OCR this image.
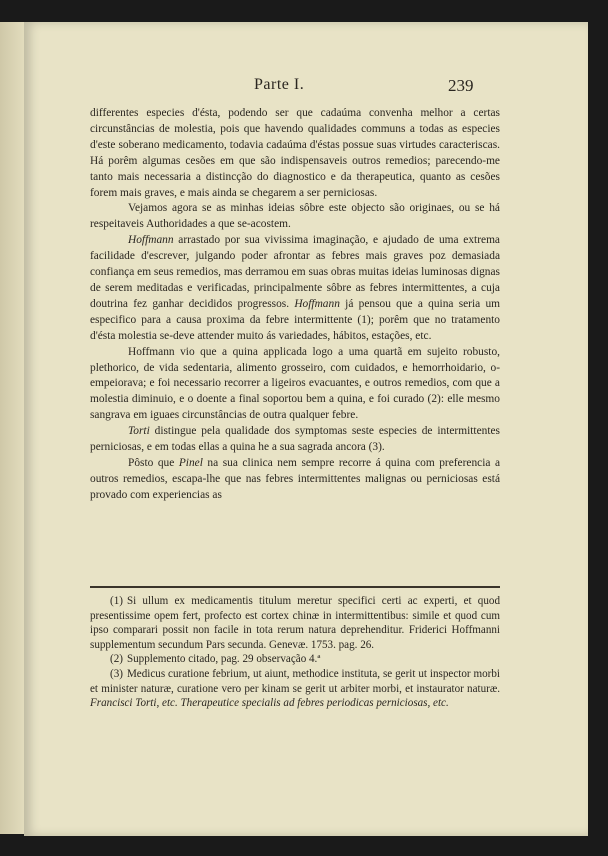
Parte I.	239

differentes especies d'ésta, podendo ser que cadaúma convenha melhor a certas circunstâncias de molestia, pois que havendo qualidades communs a todas as especies d'este soberano medicamento, todavia cadaúma d'éstas possue suas virtudes caracteriscas. Há porêm algumas cesões em que são indispensaveis outros remedios; parecendo-me tanto mais necessaria a distincção do diagnostico e da therapeutica, quanto as cesões forem mais graves, e mais ainda se chegarem a ser perniciosas.

Vejamos agora se as minhas ideias sôbre este objecto são originaes, ou se há respeitaveis Authoridades a que se-acostem.

Hoffmann arrastado por sua vivissima imaginação, e ajudado de uma extrema facilidade d'escrever, julgando poder afrontar as febres mais graves poz demasiada confiança em seus remedios, mas derramou em suas obras muitas ideias luminosas dignas de serem meditadas e verificadas, principalmente sôbre as febres intermittentes, a cuja doutrina fez ganhar decididos progressos. Hoffmann já pensou que a quina seria um especifico para a causa proxima da febre intermittente (1); porêm que no tratamento d'ésta molestia se-deve attender muito ás variedades, hábitos, estações, etc.

Hoffmann vio que a quina applicada logo a uma quartã em sujeito robusto, plethorico, de vida sedentaria, alimento grosseiro, com cuidados, e hemorrhoidario, o-empeiorava; e foi necessario recorrer a ligeiros evacuantes, e outros remedios, com que a molestia diminuio, e o doente a final soportou bem a quina, e foi curado (2): elle mesmo sangrava em iguaes circunstâncias de outra qualquer febre.

Torti distingue pela qualidade dos symptomas seste especies de intermittentes perniciosas, e em todas ellas a quina he a sua sagrada ancora (3).

Pôsto que Pinel na sua clinica nem sempre recorre á quina com preferencia a outros remedios, escapa-lhe que nas febres intermittentes malignas ou perniciosas está provado com experiencias as

(1) Si ullum ex medicamentis titulum meretur specifici certi ac experti, et quod presentissime opem fert, profecto est cortex chinæ in intermittentibus: simile et quod cum ipso comparari possit non facile in tota rerum natura deprehenditur. Friderici Hoffmanni supplementum secundum Pars secunda. Genevæ. 1753. pag. 26.

(2) Supplemento citado, pag. 29 observação 4.ª

(3) Medicus curatione febrium, ut aiunt, methodice instituta, se gerit ut inspector morbi et minister naturæ, curatione vero per kinam se gerit ut arbiter morbi, et instaurator naturæ. Francisci Torti, etc. Therapeutice specialis ad febres periodicas perniciosas, etc.
